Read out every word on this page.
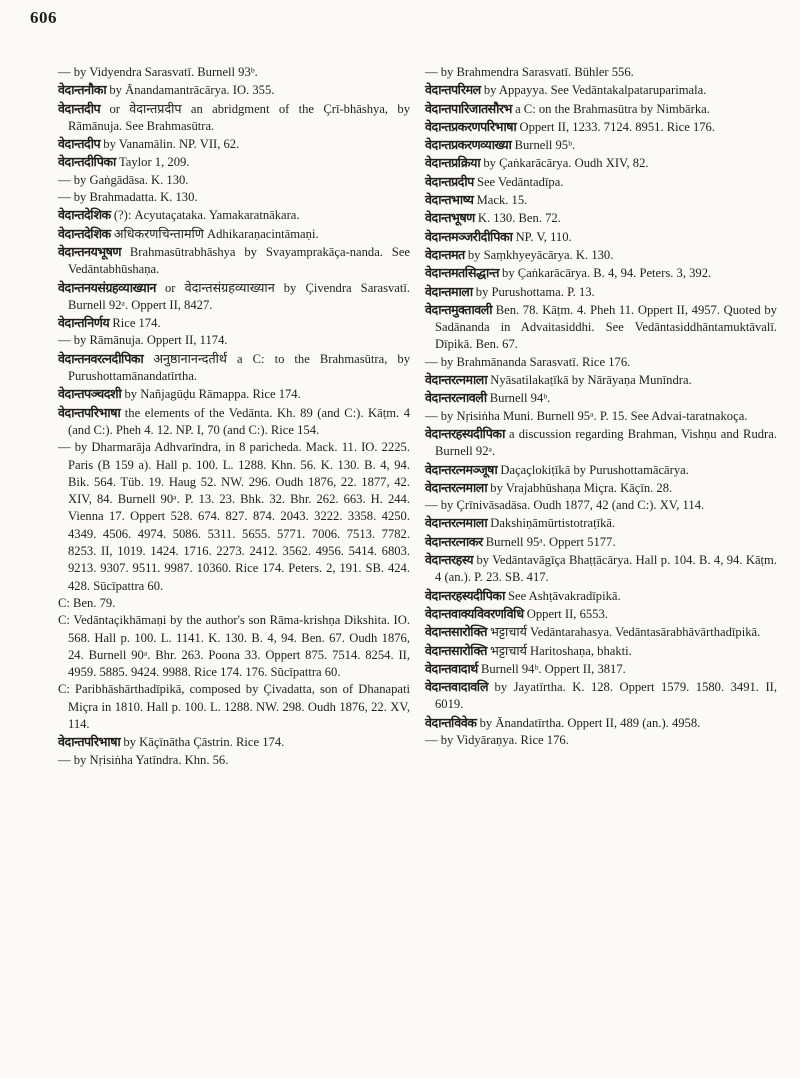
606

— by Vidyendra Sarasvatī. Burnell 93ᵇ.

वेदान्तनौका by Ānandamantrācārya. IO. 355.

वेदान्तदीप or वेदान्तप्रदीप an abridgment of the Çrī-bhāshya, by Rāmānuja. See Brahmasūtra.

वेदान्तदीप by Vanamālin. NP. VII, 62.

वेदान्तदीपिका Taylor 1, 209.

— by Gaṅgādāsa. K. 130.

— by Brahmadatta. K. 130.

वेदान्तदेशिक (?): Acyutaçataka. Yamakaratnākara.

वेदान्तदेशिक अधिकरणचिन्तामणि Adhikaraṇacintāmaṇi.

वेदान्तनयभूषण Brahmasūtrabhāshya by Svayamprakāça-nanda. See Vedāntabhūshaṇa.

वेदान्तनयसंग्रहव्याख्यान or वेदान्तसंग्रहव्याख्यान by Çivendra Sarasvatī. Burnell 92ᵃ. Oppert II, 8427.

वेदान्तनिर्णय Rice 174.

— by Rāmānuja. Oppert II, 1174.

वेदान्तनवरत्नदीपिका अनुष्ठानानन्दतीर्थ a C: to the Brahmasūtra, by Purushottamānandatīrtha.

वेदान्तपञ्चदशी by Nañjagūḍu Rāmappa. Rice 174.

वेदान्तपरिभाषा the elements of the Vedānta. Kh. 89 (and C:). Kāṭm. 4 (and C:). Pheh 4. 12. NP. I, 70 (and C:). Rice 154.

— by Dharmarāja Adhvarīndra, in 8 paricheda. Mack. 11. IO. 2225. Paris (B 159 a). Hall p. 100. L. 1288. Khn. 56. K. 130. B. 4, 94. Bik. 564. Tüb. 19. Haug 52. NW. 296. Oudh 1876, 22. 1877, 42. XIV, 84. Burnell 90ᵃ. P. 13. 23. Bhk. 32. Bhr. 262. 663. H. 244. Vienna 17. Oppert 528. 674. 827. 874. 2043. 3222. 3358. 4250. 4349. 4506. 4974. 5086. 5311. 5655. 5771. 7006. 7513. 7782. 8253. II, 1019. 1424. 1716. 2273. 2412. 3562. 4956. 5414. 6803. 9213. 9307. 9511. 9987. 10360. Rice 174. Peters. 2, 191. SB. 424. 428. Sūcīpattra 60.

C: Ben. 79.

C: Vedāntaçikhāmaṇi by the author's son Rāma-krishṇa Dikshita. IO. 568. Hall p. 100. L. 1141. K. 130. B. 4, 94. Ben. 67. Oudh 1876, 24. Burnell 90ᵃ. Bhr. 263. Poona 33. Oppert 875. 7514. 8254. II, 4959. 5885. 9424. 9988. Rice 174. 176. Sūcīpattra 60.

C: Paribhāshārthadīpikā, composed by Çivadatta, son of Dhanapati Miçra in 1810. Hall p. 100. L. 1288. NW. 298. Oudh 1876, 22. XV, 114.

वेदान्तपरिभाषा by Kāçīnātha Çāstrin. Rice 174.

— by Nṛisiṅha Yatīndra. Khn. 56.

— by Brahmendra Sarasvatī. Bühler 556.

वेदान्तपरिमल by Appayya. See Vedāntakalpataruparimala.

वेदान्तपारिजातसौरभ a C: on the Brahmasūtra by Nimbārka.

वेदान्तप्रकरणपरिभाषा Oppert II, 1233. 7124. 8951. Rice 176.

वेदान्तप्रकरणव्याख्या Burnell 95ᵇ.

वेदान्तप्रक्रिया by Çaṅkarācārya. Oudh XIV, 82.

वेदान्तप्रदीप See Vedāntadīpa.

वेदान्तभाष्य Mack. 15.

वेदान्तभूषण K. 130. Ben. 72.

वेदान्तमञ्जरीदीपिका NP. V, 110.

वेदान्तमत by Saṃkhyeyācārya. K. 130.

वेदान्तमतसिद्धान्त by Çaṅkarācārya. B. 4, 94. Peters. 3, 392.

वेदान्तमाला by Purushottama. P. 13.

वेदान्तमुक्तावली Ben. 78. Kāṭm. 4. Pheh 11. Oppert II, 4957. Quoted by Sadānanda in Advaitasiddhi. See Vedāntasiddhāntamuktāvalī. Dīpikā. Ben. 67.

— by Brahmānanda Sarasvatī. Rice 176.

वेदान्तरत्नमाला Nyāsatilakaṭīkā by Nārāyaṇa Munīndra.

वेदान्तरत्नावली Burnell 94ᵇ.

— by Nṛisiṅha Muni. Burnell 95ᵃ. P. 15. See Advai-taratnakoça.

वेदान्तरहस्यदीपिका a discussion regarding Brahman, Vishṇu and Rudra. Burnell 92ᵃ.

वेदान्तरत्नमञ्जूषा Daçaçlokiṭīkā by Purushottamācārya.

वेदान्तरत्नमाला by Vrajabhūshaṇa Miçra. Kāçīn. 28.

— by Çrīnivāsadāsa. Oudh 1877, 42 (and C:). XV, 114.

वेदान्तरत्नमाला Dakshiṇāmūrtistotraṭīkā.

वेदान्तरत्नाकर Burnell 95ᵃ. Oppert 5177.

वेदान्तरहस्य by Vedāntavāgīça Bhaṭṭācārya. Hall p. 104. B. 4, 94. Kāṭm. 4 (an.). P. 23. SB. 417.

वेदान्तरहस्यदीपिका See Ashṭāvakradīpikā.

वेदान्तवाक्यविवरणविधि Oppert II, 6553.

वेदान्तसारोक्ति भट्टाचार्य Vedāntarahasya. Vedāntasārabhāvārthadīpikā.

वेदान्तसारोक्ति भट्टाचार्य Haritoshaṇa, bhakti.

वेदान्तवादार्थ Burnell 94ᵇ. Oppert II, 3817.

वेदान्तवादावलि by Jayatīrtha. K. 128. Oppert 1579. 1580. 3491. II, 6019.

वेदान्तविवेक by Ānandatīrtha. Oppert II, 489 (an.). 4958.

— by Vidyāraṇya. Rice 176.
